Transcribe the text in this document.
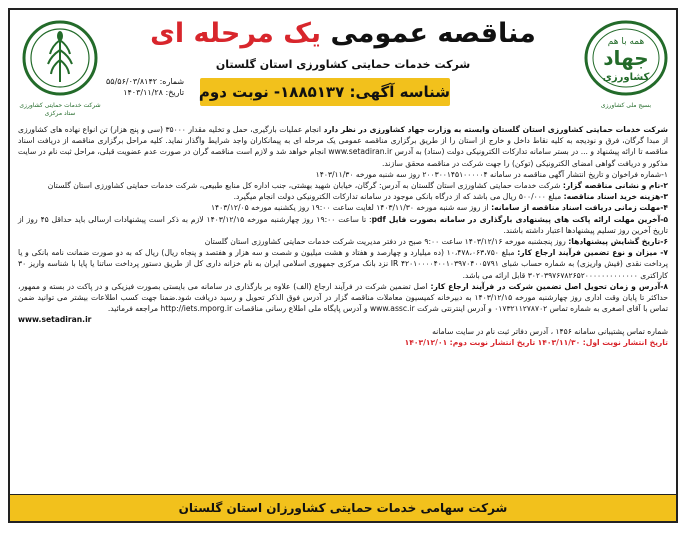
همه با هم
جهاد
کشاورزی
بسیج ملی کشاورزی
شرکت خدمات حمایتی کشاورزی
ستاد مرکزی
مناقصه عمومی یک مرحله ای
شرکت خدمات حمایتی کشاورزی استان گلستان
شناسه آگهی: ۱۸۸۵۱۳۷- نوبت دوم
شماره: ۵۵/۵۶/۰۳/۸۱۴۲
تاریخ: ۱۴۰۳/۱۱/۲۸

شرکت خدمات حمایتی کشاورزی استان گلستان وابسته به وزارت جهاد کشاورزی در نظر دارد انجام عملیات بارگیری، حمل و تخلیه مقدار ۳۵۰۰۰ (سی و پنج هزار) تن انواع نهاده های کشاورزی از مبدا گرگان، فرق و نودیجه به کلیه نقاط داخل و خارج از استان را از طریق برگزاری مناقصه عمومی یک مرحله ای به پیمانکاران واجد شرایط واگذار نماید. کلیه مراحل برگزاری مناقصه از دریافت اسناد مناقصه تا ارائه پیشنهاد و ... در بستر سامانه تدارکات الکترونیکی دولت (ستاد) به آدرس www.setadiran.ir انجام خواهد شد و لازم است مناقصه گران در صورت عدم عضویت قبلی، مراحل ثبت نام در سایت مذکور و دریافت گواهی امضای الکترونیکی (توکن) را جهت شرکت در مناقصه محقق سازند.

۱-شماره فراخوان و تاریخ انتشار آگهی مناقصه در سامانه ۲۰۰۳۰۰۱۴۵۱۰۰۰۰۰۴ روز سه شنبه مورخه ۱۴۰۳/۱۱/۳۰

۲-نام و نشانی مناقصه گزار: شرکت خدمات حمایتی کشاورزی استان گلستان به آدرس: گرگان، خیابان شهید بهشتی، جنب اداره کل منابع طبیعی، شرکت خدمات حمایتی کشاورزی استان گلستان

۳-هزینه خرید اسناد مناقصه: مبلغ ۵۰۰/۰۰۰ ریال می باشد که از درگاه بانکی موجود در سامانه تدارکات الکترونیکی دولت انجام میگیرد.

۴-مهلت زمانی دریافت اسناد مناقصه از سامانه: از روز سه شنبه مورخه ۱۴۰۳/۱۱/۳۰ لغایت ساعت ۱۹:۰۰ روز یکشنبه مورخه ۱۴۰۳/۱۲/۰۵

۵-آخرین مهلت ارائه پاکت های پیشنهادی بارگذاری در سامانه بصورت فایل pdf: تا ساعت ۱۹:۰۰ روز چهارشنبه مورخه ۱۴۰۳/۱۲/۱۵ لازم به ذکر است پیشنهادات ارسالی باید حداقل ۴۵ روز از تاریخ آخرین روز تسلیم پیشنهادها اعتبار داشته باشند.

۶-تاریخ گشایش پیشنهادها: روز پنجشنبه مورخه ۱۴۰۳/۱۲/۱۶ ساعت ۹:۰۰ صبح در دفتر مدیریت شرکت خدمات حمایتی کشاورزی استان گلستان

۷- میزان و نوع تضمین فرآیند ارجاع کار: مبلغ ۱۰،۴۷۸،۰۶۳،۷۵۰ (ده میلیارد و چهارصد و هفتاد و هشت میلیون و شصت و سه هزار و هفتصد و پنجاه ریال) ریال که به دو صورت ضمانت نامه بانکی و یا پرداخت نقدی (فیش واریزی) به شماره حساب شبای IR ۴۲۰۱۰۰۰۰۴۰۰۱۰۳۹۷۰۴۰۰۵۷۹۱ نزد بانک مرکزی جمهوری اسلامی ایران به نام خزانه داری کل از طریق دستور پرداخت ساتنا یا پایا با شناسه واریز ۳۰ کاراکتری ۳۰۲۰۳۹۷۶۷۸۲۶۵۲۰۰۰۰۰۰۰۰۰۰۰۰۰ قابل ارائه می باشد.

۸-آدرس و زمان تحویل اصل تضمین شرکت در فرآیند ارجاع کار: اصل تضمین شرکت در فرآیند ارجاع (الف) علاوه بر بارگذاری در سامانه می بایستی بصورت فیزیکی و در پاکت در بسته و ممهور، حداکثر تا پایان وقت اداری روز چهارشنبه مورخه ۱۴۰۳/۱۲/۱۵ به دبیرخانه کمیسیون معاملات مناقصه گزار در آدرس فوق الذکر تحویل و رسید دریافت شود.ضمنا جهت کسب اطلاعات بیشتر می توانید ضمن تماس با آقای اصغری به شماره تماس ۰۱۷۳۲۱۱۲۷۸۷۰۲ و آدرس اینترنتی شرکت www.assc.ir و آدرس پایگاه ملی اطلاع رسانی مناقصات http://iets.mporg.ir مراجعه فرمائید.

www.setadiran.ir

شماره تماس پشتیبانی سامانه ۱۴۵۶ ، آدرس دفاتر ثبت نام در سایت سامانه

تاریخ انتشار نوبت اول: ۱۴۰۳/۱۱/۳۰ تاریخ انتشار نوبت دوم: ۱۴۰۳/۱۲/۰۱

شرکت سهامی خدمات حمایتی کشاورزان استان گلستان
